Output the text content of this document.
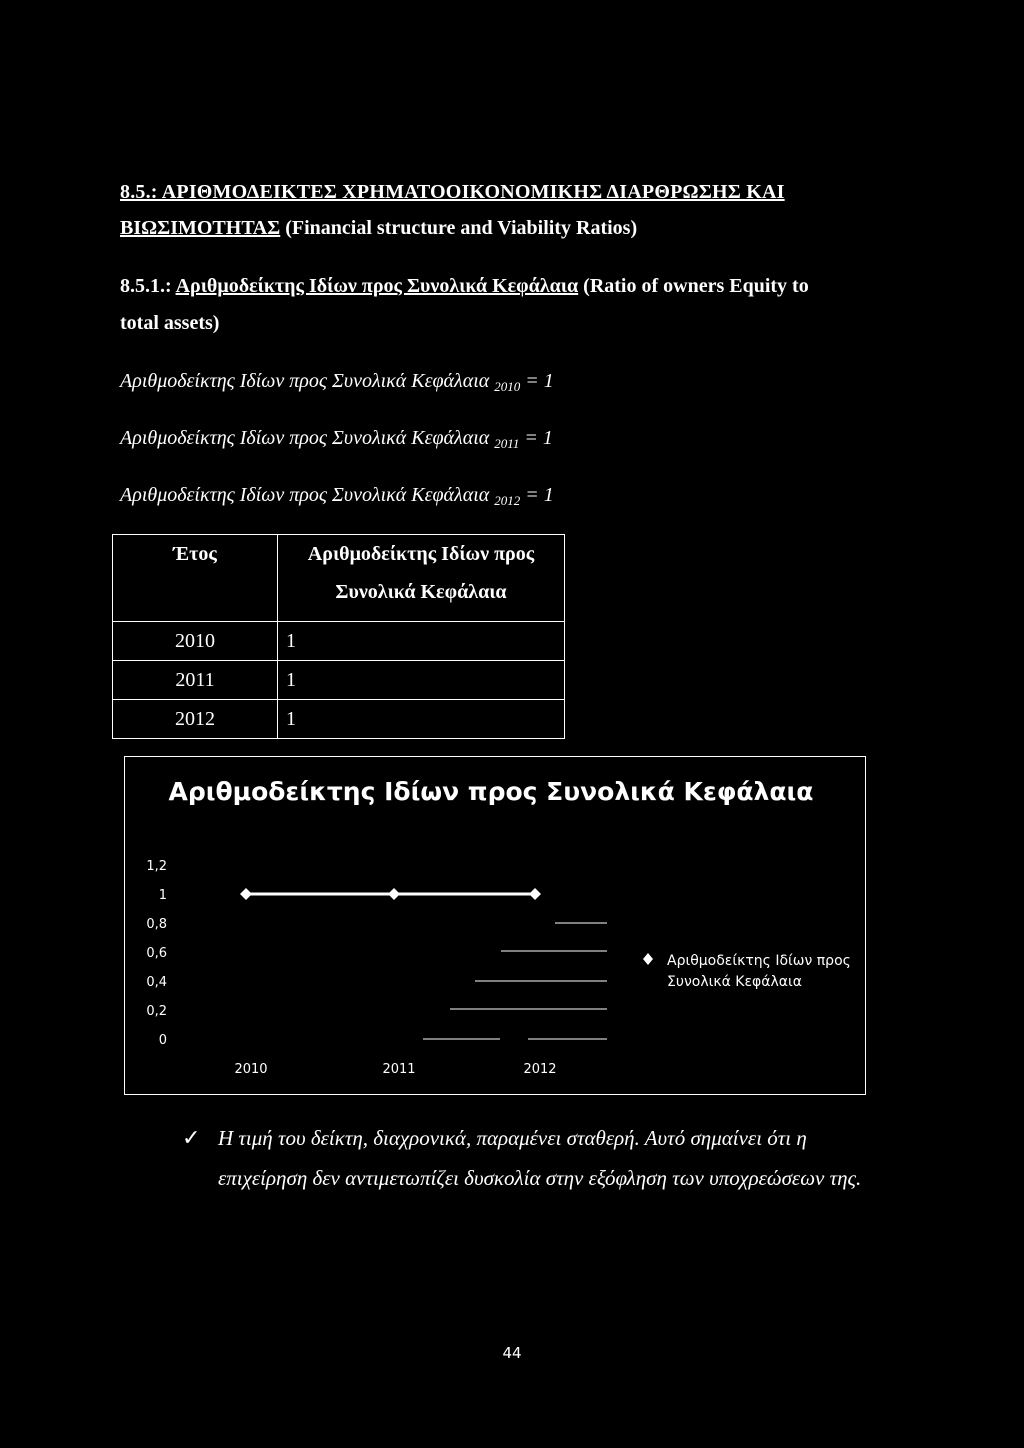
8.5.: ΑΡΙΘΜΟΔΕΙΚΤΕΣ ΧΡΗΜΑΤΟΟΙΚΟΝΟΜΙΚΗΣ ΔΙΑΡΘΡΩΣΗΣ ΚΑΙ
ΒΙΩΣΙΜΟΤΗΤΑΣ (Financial structure and Viability Ratios)
8.5.1.: Αριθμοδείκτης Ιδίων προς Συνολικά Κεφάλαια (Ratio of owners Equity to
total assets)
Αριθμοδείκτης Ιδίων προς Συνολικά Κεφάλαια $_{2010}$ = 1
Αριθμοδείκτης Ιδίων προς Συνολικά Κεφάλαια $_{2011}$ = 1
Αριθμοδείκτης Ιδίων προς Συνολικά Κεφάλαια $_{2012}$ = 1
Έτος	Αριθμοδείκτης Ιδίων προς
Συνολικά Κεφάλαια

2010	1
2011	1
2012	1
Αριθμοδείκτης Ιδίων προς Συνολικά Κεφάλαια
1,2
1
0,8
0,6
0,4
0,2
0
2010	2011	2012
Αριθμοδείκτης Ιδίων προς
Συνολικά Κεφάλαια
✓ Η τιμή του δείκτη, διαχρονικά, παραμένει σταθερή. Αυτό σημαίνει ότι η
επιχείρηση δεν αντιμετωπίζει δυσκολία στην εξόφληση των υποχρεώσεων της.
44
